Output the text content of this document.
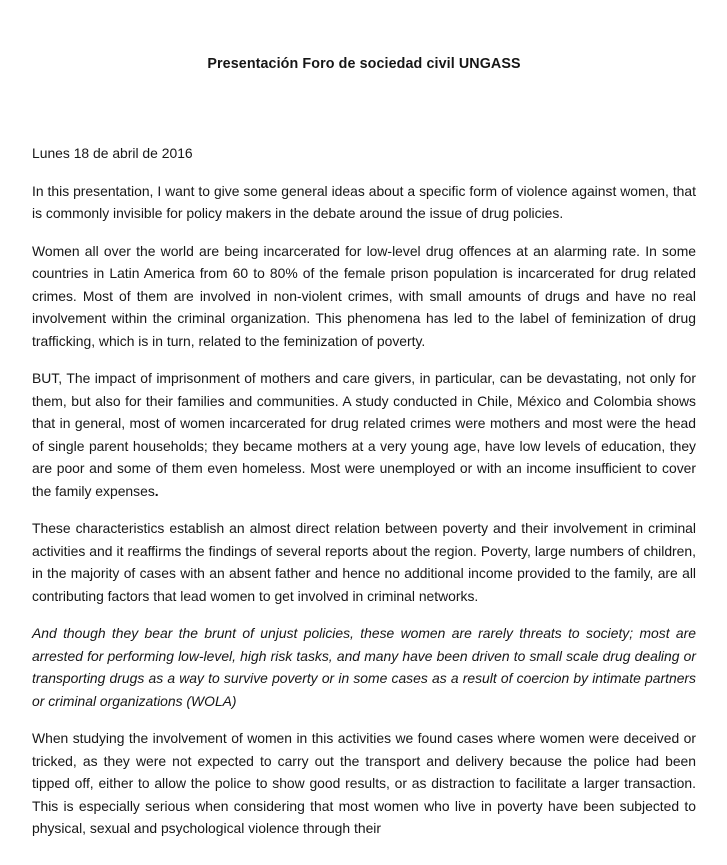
Presentación Foro de sociedad civil UNGASS
Lunes 18 de abril de 2016

In this presentation, I want to give some general ideas about a specific form of violence against women, that is commonly invisible for policy makers in the debate around the issue of drug policies.

Women all over the world are being incarcerated for low-level drug offences at an alarming rate. In some countries in Latin America from 60 to 80% of the female prison population is incarcerated for drug related crimes. Most of them are involved in non-violent crimes, with small amounts of drugs and have no real involvement within the criminal organization. This phenomena has led to the label of feminization of drug trafficking, which is in turn, related to the feminization of poverty.

BUT, The impact of imprisonment of mothers and care givers, in particular, can be devastating, not only for them, but also for their families and communities. A study conducted in Chile, México and Colombia shows that in general, most of women incarcerated for drug related crimes were mothers and most were the head of single parent households; they became mothers at a very young age, have low levels of education, they are poor and some of them even homeless. Most were unemployed or with an income insufficient to cover the family expenses.

These characteristics establish an almost direct relation between poverty and their involvement in criminal activities and it reaffirms the findings of several reports about the region. Poverty, large numbers of children, in the majority of cases with an absent father and hence no additional income provided to the family, are all contributing factors that lead women to get involved in criminal networks.

And though they bear the brunt of unjust policies, these women are rarely threats to society; most are arrested for performing low-level, high risk tasks, and many have been driven to small scale drug dealing or transporting drugs as a way to survive poverty or in some cases as a result of coercion by intimate partners or criminal organizations (WOLA)

When studying the involvement of women in this activities we found cases where women were deceived or tricked, as they were not expected to carry out the transport and delivery because the police had been tipped off, either to allow the police to show good results, or as distraction to facilitate a larger transaction. This is especially serious when considering that most women who live in poverty have been subjected to physical, sexual and psychological violence through their
